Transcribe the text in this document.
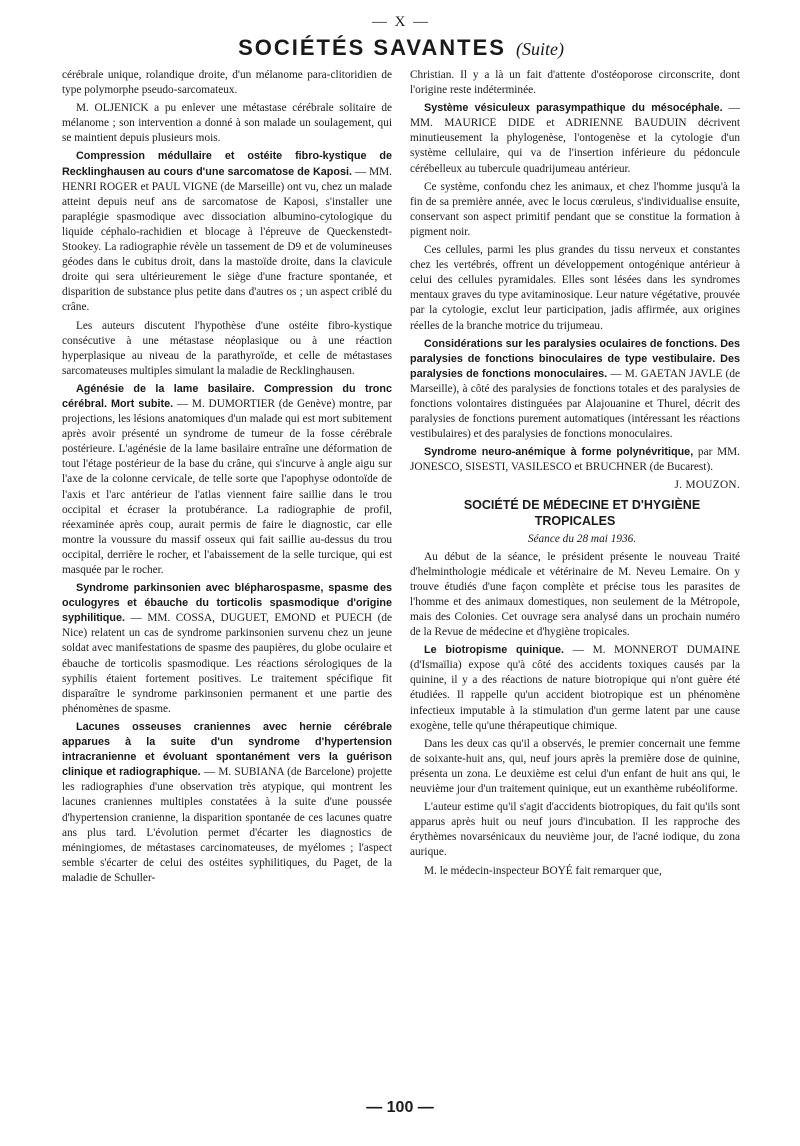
— X —
SOCIÉTÉS SAVANTES (Suite)

cérébrale unique, rolandique droite, d'un mélanome para-clitoridien de type polymorphe pseudo-sarcomateux.

M. OLJENICK a pu enlever une métastase cérébrale solitaire de mélanome ; son intervention a donné à son malade un soulagement, qui se maintient depuis plusieurs mois.

Compression médullaire et ostéite fibro-kystique de Recklinghausen au cours d'une sarcomatose de Kaposi. — MM. HENRI ROGER et PAUL VIGNE (de Marseille) ont vu, chez un malade atteint depuis neuf ans de sarcomatose de Kaposi, s'installer une paraplégie spasmodique avec dissociation albumino-cytologique du liquide céphalo-rachidien et blocage à l'épreuve de Queckenstedt-Stookey. La radiographie révèle un tassement de D9 et de volumineuses géodes dans le cubitus droit, dans la mastoïde droite, dans la clavicule droite qui sera ultérieurement le siège d'une fracture spontanée, et disparition de substance plus petite dans d'autres os ; un aspect criblé du crâne.

Les auteurs discutent l'hypothèse d'une ostéite fibro-kystique consécutive à une métastase néoplasique ou à une réaction hyperplasique au niveau de la parathyroïde, et celle de métastases sarcomateuses multiples simulant la maladie de Recklinghausen.

Agénésie de la lame basilaire. Compression du tronc cérébral. Mort subite. — M. DUMORTIER (de Genève) montre, par projections, les lésions anatomiques d'un malade qui est mort subitement après avoir présenté un syndrome de tumeur de la fosse cérébrale postérieure. L'agénésie de la lame basilaire entraîne une déformation de tout l'étage postérieur de la base du crâne, qui s'incurve à angle aigu sur l'axe de la colonne cervicale, de telle sorte que l'apophyse odontoïde de l'axis et l'arc antérieur de l'atlas viennent faire saillie dans le trou occipital et écraser la protubérance. La radiographie de profil, réexaminée après coup, aurait permis de faire le diagnostic, car elle montre la voussure du massif osseux qui fait saillie au-dessus du trou occipital, derrière le rocher, et l'abaissement de la selle turcique, qui est masquée par le rocher.

Syndrome parkinsonien avec blépharospasme, spasme des oculogyres et ébauche du torticolis spasmodique d'origine syphilitique. — MM. COSSA, DUGUET, EMOND et PUECH (de Nice) relatent un cas de syndrome parkinsonien survenu chez un jeune soldat avec manifestations de spasme des paupières, du globe oculaire et ébauche de torticolis spasmodique. Les réactions sérologiques de la syphilis étaient fortement positives. Le traitement spécifique fit disparaître le syndrome parkinsonien permanent et une partie des phénomènes de spasme.

Lacunes osseuses craniennes avec hernie cérébrale apparues à la suite d'un syndrome d'hypertension intracranienne et évoluant spontanément vers la guérison clinique et radiographique. — M. SUBIANA (de Barcelone) projette les radiographies d'une observation très atypique, qui montrent les lacunes craniennes multiples constatées à la suite d'une poussée d'hypertension cranienne, la disparition spontanée de ces lacunes quatre ans plus tard. L'évolution permet d'écarter les diagnostics de méningiomes, de métastases carcinomateuses, de myélomes ; l'aspect semble s'écarter de celui des ostéites syphilitiques, du Paget, de la maladie de Schuller-

Christian. Il y a là un fait d'attente d'ostéoporose circonscrite, dont l'origine reste indéterminée.

Système vésiculeux parasympathique du mésocéphale. — MM. MAURICE DIDE et ADRIENNE BAUDUIN décrivent minutieusement la phylogenèse, l'ontogenèse et la cytologie d'un système cellulaire, qui va de l'insertion inférieure du pédoncule cérébelleux au tubercule quadrijumeau antérieur.

Ce système, confondu chez les animaux, et chez l'homme jusqu'à la fin de sa première année, avec le locus cœruleus, s'individualise ensuite, conservant son aspect primitif pendant que se constitue la formation à pigment noir.

Ces cellules, parmi les plus grandes du tissu nerveux et constantes chez les vertébrés, offrent un développement ontogénique antérieur à celui des cellules pyramidales. Elles sont lésées dans les syndromes mentaux graves du type avitaminosique. Leur nature végétative, prouvée par la cytologie, exclut leur participation, jadis affirmée, aux origines réelles de la branche motrice du trijumeau.

Considérations sur les paralysies oculaires de fonctions. Des paralysies de fonctions binoculaires de type vestibulaire. Des paralysies de fonctions monoculaires. — M. GAETAN JAVLE (de Marseille), à côté des paralysies de fonctions totales et des paralysies de fonctions volontaires distinguées par Alajouanine et Thurel, décrit des paralysies de fonctions purement automatiques (intéressant les réactions vestibulaires) et des paralysies de fonctions monoculaires.

Syndrome neuro-anémique à forme polynévritique, par MM. JONESCO, SISESTI, VASILESCO et BRUCHNER (de Bucarest).

J. MOUZON.

SOCIÉTÉ DE MÉDECINE ET D'HYGIÈNE TROPICALES

Séance du 28 mai 1936.

Au début de la séance, le président présente le nouveau Traité d'helminthologie médicale et vétérinaire de M. Neveu Lemaire. On y trouve étudiés d'une façon complète et précise tous les parasites de l'homme et des animaux domestiques, non seulement de la Métropole, mais des Colonies. Cet ouvrage sera analysé dans un prochain numéro de la Revue de médecine et d'hygiène tropicales.

Le biotropisme quinique. — M. MONNEROT DUMAINE (d'Ismaïlia) expose qu'à côté des accidents toxiques causés par la quinine, il y a des réactions de nature biotropique qui n'ont guère été étudiées. Il rappelle qu'un accident biotropique est un phénomène infectieux imputable à la stimulation d'un germe latent par une cause exogène, telle qu'une thérapeutique chimique.

Dans les deux cas qu'il a observés, le premier concernait une femme de soixante-huit ans, qui, neuf jours après la première dose de quinine, présenta un zona. Le deuxième est celui d'un enfant de huit ans qui, le neuvième jour d'un traitement quinique, eut un exanthème rubéoliforme.

L'auteur estime qu'il s'agit d'accidents biotropiques, du fait qu'ils sont apparus après huit ou neuf jours d'incubation. Il les rapproche des érythèmes novarsénicaux du neuvième jour, de l'acné iodique, du zona aurique.

M. le médecin-inspecteur BOYÉ fait remarquer que,

— 100 —
